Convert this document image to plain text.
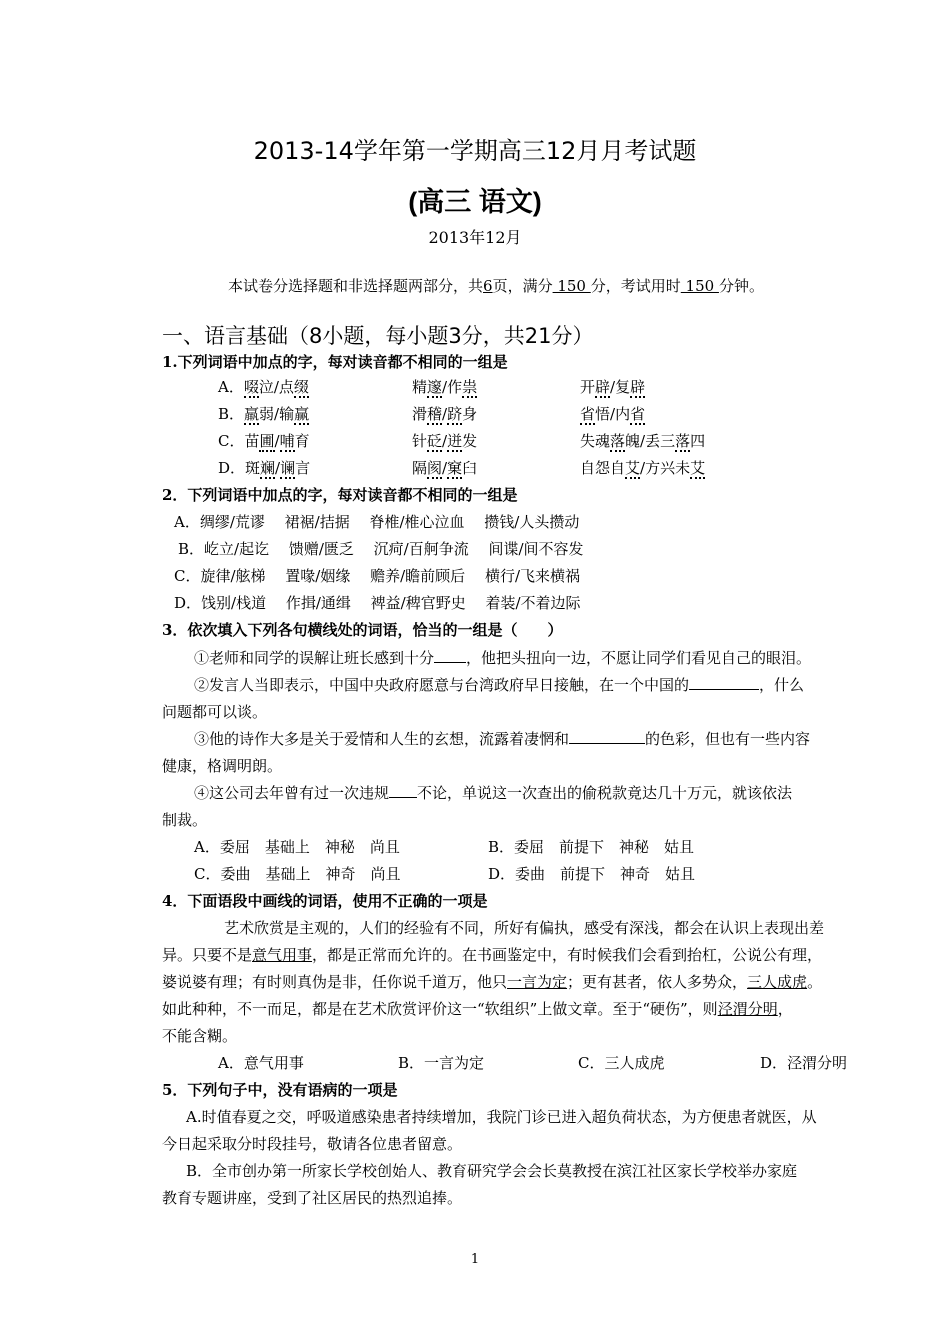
2013-14学年第一学期高三12月月考试题
(高三 语文)
2013年12月
本试卷分选择题和非选择题两部分，共6页，满分 150 分，考试用时 150 分钟。
一、语言基础（8小题，每小题3分，共21分）
1.下列词语中加点的字，每对读音都不相同的一组是
A．啜泣/点缀	精邃/作祟	开辟/复辟
B．羸弱/输赢	滑稽/跻身	省悟/内省
C．苗圃/哺育	针砭/迸发	失魂落魄/丢三落四
D．斑斓/谰言	隔阂/窠臼	自怨自艾/方兴未艾
2．下列词语中加点的字，每对读音都不相同的一组是
A．绸缪/荒谬　 裙裾/拮据　 脊椎/椎心泣血　 攒钱/人头攒动
B．屹立/起讫　 馈赠/匮乏　 沉疴/百舸争流　 间谍/间不容发
C．旋律/舷梯　 置喙/姻缘　 赡养/瞻前顾后　 横行/飞来横祸
D．饯别/栈道　 作揖/通缉　 裨益/稗官野史　 着装/不着边际
3．依次填入下列各句横线处的词语，恰当的一组是（　　）
①老师和同学的误解让班长感到十分 ，他把头扭向一边，不愿让同学们看见自己的眼泪。
②发言人当即表示，中国中央政府愿意与台湾政府早日接触，在一个中国的	，什么
问题都可以谈。
③他的诗作大多是关于爱情和人生的玄想，流露着凄惘和	的色彩，但也有一些内容
健康，格调明朗。
④这公司去年曾有过一次违规 不论，单说这一次查出的偷税款竟达几十万元，就该依法
制裁。
A．委屈　基础上　神秘　尚且	B．委屈　前提下　神秘　姑且
C．委曲　基础上　神奇　尚且	D．委曲　前提下　神奇　姑且
4．下面语段中画线的词语，使用不正确的一项是
艺术欣赏是主观的，人们的经验有不同，所好有偏执，感受有深浅，都会在认识上表现出差
异。只要不是意气用事，都是正常而允许的。在书画鉴定中，有时候我们会看到抬杠，公说公有理，
婆说婆有理；有时则真伪是非，任你说千道万，他只一言为定；更有甚者，依人多势众，三人成虎。
如此种种，不一而足，都是在艺术欣赏评价这一“软组织”上做文章。至于“硬伤”，则泾渭分明，
不能含糊。
A．意气用事	B．一言为定	C．三人成虎	D．泾渭分明
5．下列句子中，没有语病的一项是
A.时值春夏之交，呼吸道感染患者持续增加，我院门诊已进入超负荷状态，为方便患者就医，从
今日起采取分时段挂号，敬请各位患者留意。
B．全市创办第一所家长学校创始人、教育研究学会会长莫教授在滨江社区家长学校举办家庭
教育专题讲座，受到了社区居民的热烈追捧。
1
